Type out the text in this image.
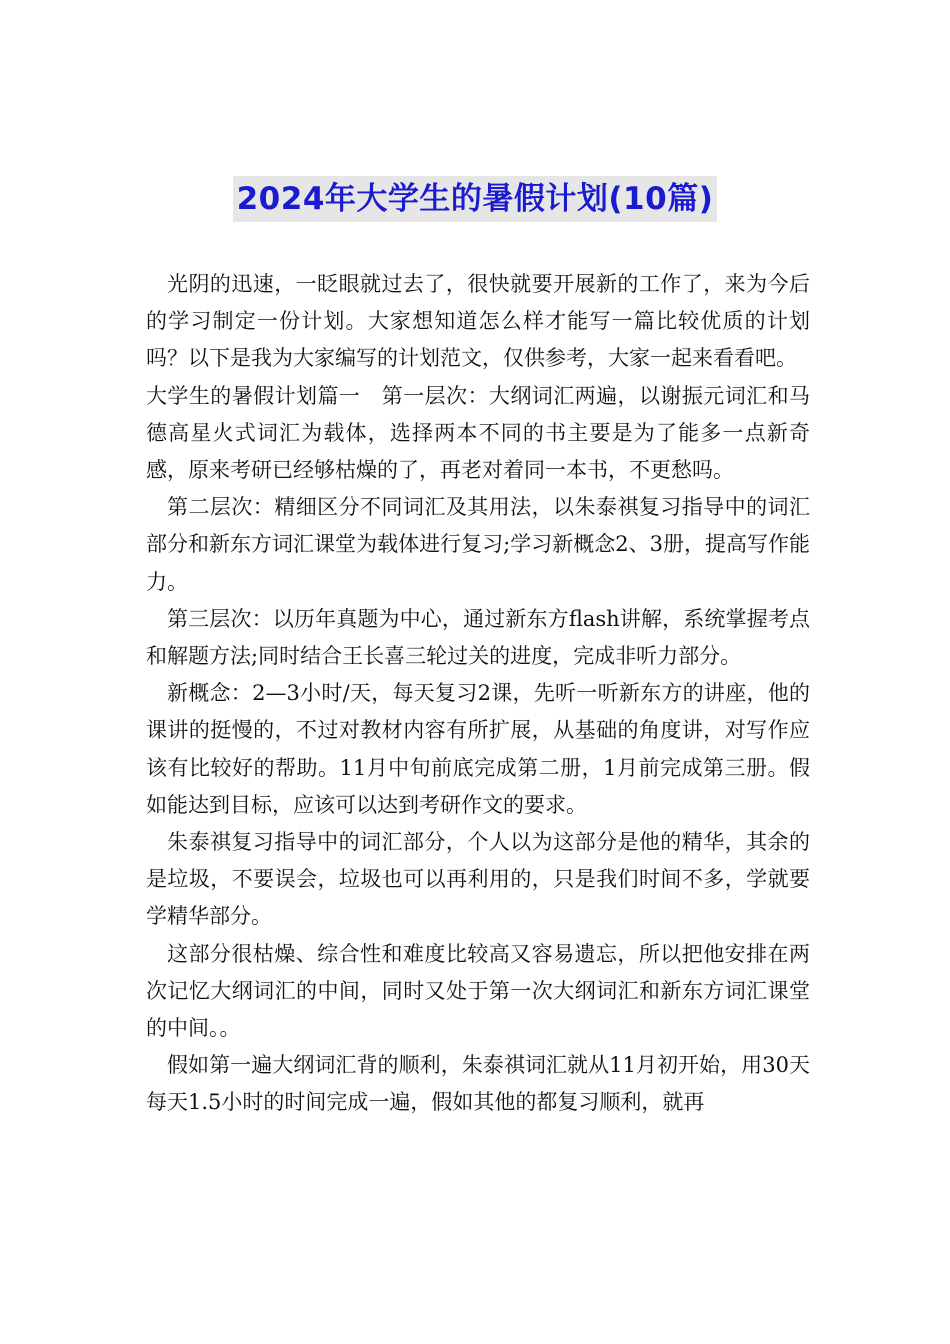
2024年大学生的暑假计划(10篇)

光阴的迅速，一眨眼就过去了，很快就要开展新的工作了，来为今后的学习制定一份计划。大家想知道怎么样才能写一篇比较优质的计划吗？以下是我为大家编写的计划范文，仅供参考，大家一起来看看吧。

大学生的暑假计划篇一　第一层次：大纲词汇两遍，以谢振元词汇和马德高星火式词汇为载体，选择两本不同的书主要是为了能多一点新奇感，原来考研已经够枯燥的了，再老对着同一本书，不更愁吗。

第二层次：精细区分不同词汇及其用法，以朱泰祺复习指导中的词汇部分和新东方词汇课堂为载体进行复习;学习新概念2、3册，提高写作能力。

第三层次：以历年真题为中心，通过新东方flash讲解，系统掌握考点和解题方法;同时结合王长喜三轮过关的进度，完成非听力部分。

新概念：2—3小时/天，每天复习2课，先听一听新东方的讲座，他的课讲的挺慢的，不过对教材内容有所扩展，从基础的角度讲，对写作应该有比较好的帮助。11月中旬前底完成第二册，1月前完成第三册。假如能达到目标，应该可以达到考研作文的要求。

朱泰祺复习指导中的词汇部分，个人以为这部分是他的精华，其余的是垃圾，不要误会，垃圾也可以再利用的，只是我们时间不多，学就要学精华部分。

这部分很枯燥、综合性和难度比较高又容易遗忘，所以把他安排在两次记忆大纲词汇的中间，同时又处于第一次大纲词汇和新东方词汇课堂的中间。。

假如第一遍大纲词汇背的顺利，朱泰祺词汇就从11月初开始，用30天每天1.5小时的时间完成一遍，假如其他的都复习顺利，就再
